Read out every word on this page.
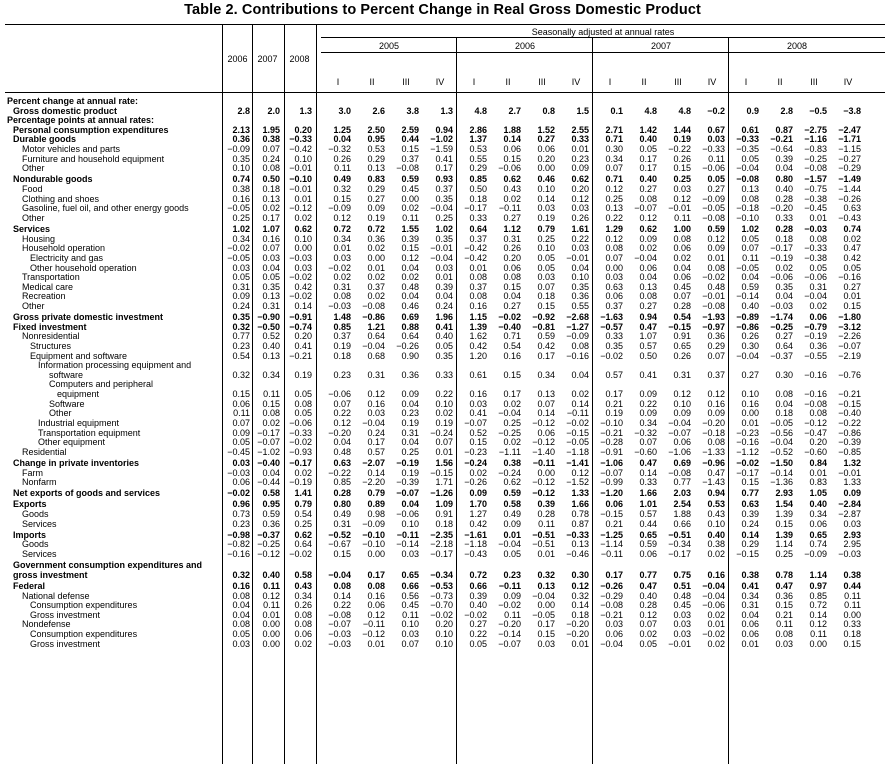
Table 2. Contributions to Percent Change in Real Gross Domestic Product
Seasonally adjusted at annual rates
2006	2007	2008
2005	2006	2007	2008
I	II	III	IV	I	II	III	IV	I	II	III	IV	I	II	III	IV
Percent change at annual rate:
Gross domestic product	2.8	2.0	1.3	3.0	2.6	3.8	1.3	4.8	2.7	0.8	1.5	0.1	4.8	4.8	−0.2	0.9	2.8	−0.5	−3.8
Percentage points at annual rates:
Personal consumption expenditures	2.13	1.95	0.20	1.25	2.50	2.59	0.94	2.86	1.88	1.52	2.55	2.71	1.42	1.44	0.67	0.61	0.87	−2.75	−2.47
Durable goods	0.36	0.38	−0.33	0.04	0.95	0.44	−1.02	1.37	0.14	0.27	0.33	0.71	0.40	0.19	0.03	−0.33	−0.21	−1.16	−1.71
Motor vehicles and parts	−0.09	0.07	−0.42	−0.32	0.53	0.15	−1.59	0.53	0.06	0.06	0.01	0.30	0.05	−0.22	−0.33	−0.35	−0.64	−0.83	−1.15
Furniture and household equipment	0.35	0.24	0.10	0.26	0.29	0.37	0.41	0.55	0.15	0.20	0.23	0.34	0.17	0.26	0.11	0.05	0.39	−0.25	−0.27
Other	0.10	0.08	−0.01	0.11	0.13	−0.08	0.17	0.29	−0.06	0.00	0.09	0.07	0.17	0.15	−0.06	−0.04	0.04	−0.08	−0.29
Nondurable goods	0.74	0.50	−0.10	0.49	0.83	0.59	0.93	0.85	0.62	0.46	0.62	0.71	0.40	0.25	0.05	−0.08	0.80	−1.57	−1.49
Food	0.38	0.18	−0.01	0.32	0.29	0.45	0.37	0.50	0.43	0.10	0.20	0.12	0.27	0.03	0.27	0.13	0.40	−0.75	−1.44
Clothing and shoes	0.16	0.13	0.01	0.15	0.27	0.00	0.35	0.18	0.02	0.14	0.12	0.25	0.08	0.12	−0.09	0.08	0.28	−0.38	−0.26
Gasoline, fuel oil, and other energy goods	−0.05	0.02	−0.12	−0.09	0.09	0.02	−0.04	−0.17	−0.11	0.03	0.03	0.13	−0.07	−0.01	−0.05	−0.18	−0.20	−0.45	0.63
Other	0.25	0.17	0.02	0.12	0.19	0.11	0.25	0.33	0.27	0.19	0.26	0.22	0.12	0.11	−0.08	−0.10	0.33	0.01	−0.43
Services	1.02	1.07	0.62	0.72	0.72	1.55	1.02	0.64	1.12	0.79	1.61	1.29	0.62	1.00	0.59	1.02	0.28	−0.03	0.74
Housing	0.34	0.16	0.10	0.34	0.36	0.39	0.35	0.37	0.31	0.25	0.22	0.12	0.09	0.08	0.12	0.05	0.18	0.08	0.02
Household operation	−0.02	0.07	0.00	0.01	0.02	0.15	−0.01	−0.42	0.26	0.10	0.03	0.08	0.02	0.06	0.09	0.07	−0.17	−0.33	0.47
Electricity and gas	−0.05	0.03	−0.03	0.03	0.00	0.12	−0.04	−0.42	0.20	0.05	−0.01	0.07	−0.04	0.02	0.01	0.11	−0.19	−0.38	0.42
Other household operation	0.03	0.04	0.03	−0.02	0.01	0.04	0.03	0.01	0.06	0.05	0.04	0.00	0.06	0.04	0.08	−0.05	0.02	0.05	0.05
Transportation	0.05	0.05	−0.02	0.02	0.02	0.02	0.01	0.08	0.08	0.03	0.10	0.03	0.04	0.06	−0.02	0.04	−0.06	−0.06	−0.16
Medical care	0.31	0.35	0.42	0.31	0.37	0.48	0.39	0.37	0.15	0.07	0.35	0.63	0.13	0.45	0.48	0.59	0.35	0.31	0.27
Recreation	0.09	0.13	−0.02	0.08	0.02	0.04	0.04	0.08	0.04	0.18	0.36	0.06	0.08	0.07	−0.01	−0.14	0.04	−0.04	0.01
Other	0.24	0.31	0.14	−0.03	−0.08	0.46	0.24	0.16	0.27	0.15	0.55	0.37	0.27	0.28	−0.08	0.40	−0.03	0.02	0.15
Gross private domestic investment	0.35 −0.90	−0.91	1.48	−0.86	0.69	1.96	1.15	−0.02	−0.92	−2.68	−1.63	0.94	0.54	−1.93	−0.89	−1.74	0.06	−1.80
Fixed investment	0.32 −0.50	−0.74	0.85	1.21	0.88	0.41	1.39	−0.40	−0.81	−1.27	−0.57	0.47	−0.15	−0.97	−0.86	−0.25	−0.79	−3.12
Nonresidential	0.77	0.52	0.20	0.37	0.64	0.64	0.40	1.62	0.71	0.59	−0.09	0.33	1.07	0.91	0.36	0.26	0.27	−0.19	−2.26
Structures	0.23	0.40	0.41	0.19	−0.04	−0.26	0.05	0.42	0.54	0.42	0.08	0.35	0.57	0.65	0.29	0.30	0.64	0.36	−0.07
Equipment and software	0.54	0.13	−0.21	0.18	0.68	0.90	0.35	1.20	0.16	0.17	−0.16	−0.02	0.50	0.26	0.07	−0.04	−0.37	−0.55	−2.19
Information processing equipment and
software	0.32	0.34	0.19	0.23	0.31	0.36	0.33	0.61	0.15	0.34	0.04	0.57	0.41	0.31	0.37	0.27	0.30	−0.16	−0.76
Computers and peripheral
equipment	0.15	0.11	0.05	−0.06	0.12	0.09	0.22	0.16	0.17	0.13	0.02	0.17	0.09	0.12	0.12	0.10	0.08	−0.16	−0.21
Software	0.06	0.15	0.08	0.07	0.16	0.04	0.10	0.03	0.02	0.07	0.14	0.21	0.22	0.10	0.16	0.16	0.04	−0.08	−0.15
Other	0.11	0.08	0.05	0.22	0.03	0.23	0.02	0.41	−0.04	0.14	−0.11	0.19	0.09	0.09	0.09	0.00	0.18	0.08	−0.40
Industrial equipment	0.07	0.02	−0.06	0.12	−0.04	0.19	0.19	−0.07	0.25	−0.12	−0.02	−0.10	0.34	−0.04	−0.20	0.01	−0.05	−0.12	−0.22
Transportation equipment	0.09 −0.17	−0.33	−0.20	0.24	0.31	−0.24	0.52	−0.25	0.06	−0.15	−0.21	−0.32	−0.07	−0.18	−0.23	−0.56	−0.47	−0.86
Other equipment	0.05 −0.07	−0.02	0.04	0.17	0.04	0.07	0.15	0.02	−0.12	−0.05	−0.28	0.07	0.06	0.08	−0.16	−0.04	0.20	−0.39
Residential	−0.45 −1.02	−0.93	0.48	0.57	0.25	0.01	−0.23	−1.11	−1.40	−1.18	−0.91	−0.60	−1.06	−1.33	−1.12	−0.52	−0.60	−0.85
Change in private inventories	0.03 −0.40	−0.17	0.63	−2.07	−0.19	1.56	−0.24	0.38	−0.11	−1.41	−1.06	0.47	0.69	−0.96	−0.02	−1.50	0.84	1.32
Farm	−0.03	0.04	0.02	−0.22	0.14	0.19	−0.15	0.02	−0.24	0.00	0.12	−0.07	0.14	−0.08	0.47	−0.17	−0.14	0.01	−0.01
Nonfarm	0.06 −0.44	−0.19	0.85	−2.20	−0.39	1.71	−0.26	0.62	−0.12	−1.52	−0.99	0.33	0.77	−1.43	0.15	−1.36	0.83	1.33
Net exports of goods and services	−0.02	0.58	1.41	0.28	0.79	−0.07	−1.26	0.09	0.59	−0.12	1.33	−1.20	1.66	2.03	0.94	0.77	2.93	1.05	0.09
Exports	0.96	0.95	0.79	0.80	0.89	0.04	1.09	1.70	0.58	0.39	1.66	0.06	1.01	2.54	0.53	0.63	1.54	0.40	−2.84
Goods	0.73	0.59	0.54	0.49	0.98	−0.06	0.91	1.27	0.49	0.28	0.78	−0.15	0.57	1.88	0.43	0.39	1.39	0.34	−2.87
Services	0.23	0.36	0.25	0.31	−0.09	0.10	0.18	0.42	0.09	0.11	0.87	0.21	0.44	0.66	0.10	0.24	0.15	0.06	0.03
Imports	−0.98 −0.37	0.62	−0.52	−0.10	−0.11	−2.35	−1.61	0.01	−0.51	−0.33	−1.25	0.65	−0.51	0.40	0.14	1.39	0.65	2.93
Goods	−0.82 −0.25	0.64	−0.67	−0.10	−0.14	−2.18	−1.18	−0.04	−0.51	0.13	−1.14	0.59	−0.34	0.38	0.29	1.14	0.74	2.95
Services	−0.16 −0.12	−0.02	0.15	0.00	0.03	−0.17	−0.43	0.05	0.01	−0.46	−0.11	0.06	−0.17	0.02	−0.15	0.25	−0.09	−0.03
Government consumption expenditures and
gross investment	0.32	0.40	0.58	−0.04	0.17	0.65	−0.34	0.72	0.23	0.32	0.30	0.17	0.77	0.75	0.16	0.38	0.78	1.14	0.38
Federal	0.16	0.11	0.43	0.08	0.08	0.66	−0.53	0.66	−0.11	0.13	0.12	−0.26	0.47	0.51	−0.04	0.41	0.47	0.97	0.44
National defense	0.08	0.12	0.34	0.14	0.16	0.56	−0.73	0.39	0.09	−0.04	0.32	−0.29	0.40	0.48	−0.04	0.34	0.36	0.85	0.11
Consumption expenditures	0.04	0.11	0.26	0.22	0.06	0.45	−0.70	0.40	−0.02	0.00	0.14	−0.08	0.28	0.45	−0.06	0.31	0.15	0.72	0.11
Gross investment	0.04	0.01	0.08	−0.08	0.12	0.11	−0.02	−0.02	0.11	−0.05	0.18	−0.21	0.12	0.03	0.02	0.04	0.21	0.14	0.00
Nondefense	0.08	0.00	0.08	−0.07	−0.11	0.10	0.20	0.27	−0.20	0.17	−0.20	0.03	0.07	0.03	0.01	0.06	0.11	0.12	0.33
Consumption expenditures	0.05	0.00	0.06	−0.03	−0.12	0.03	0.10	0.22	−0.14	0.15	−0.20	0.06	0.02	0.03	−0.02	0.06	0.08	0.11	0.18
Gross investment	0.03	0.00	0.02	−0.03	0.01	0.07	0.10	0.05	−0.07	0.03	0.01	−0.04	0.05	−0.01	0.02	0.01	0.03	0.00	0.15
